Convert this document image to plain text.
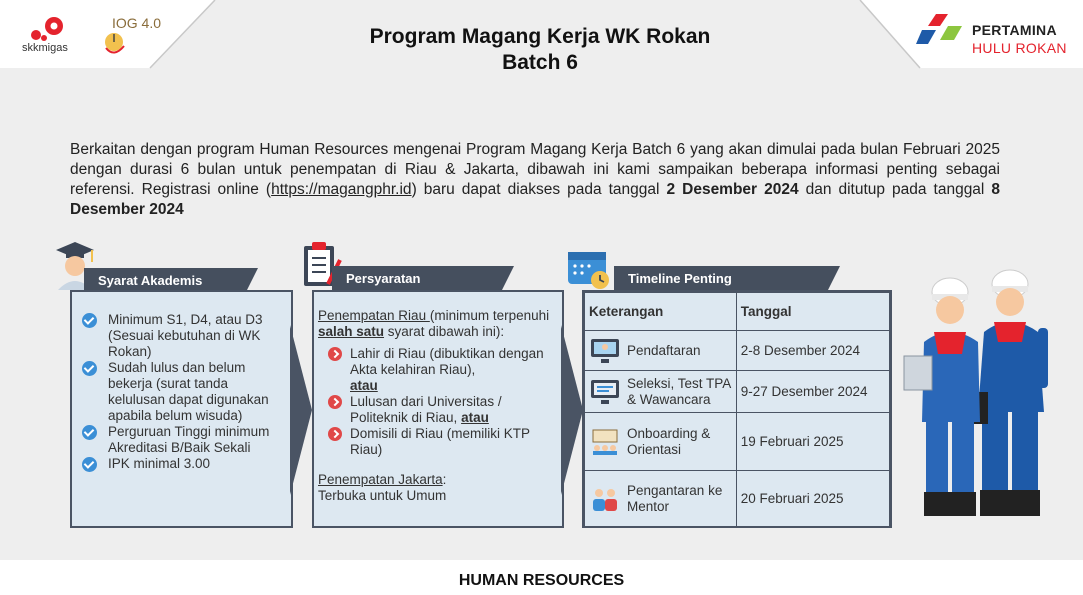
skkmigas
IOG 4.0	PERTAMINA
HULU ROKAN
Program Magang Kerja WK Rokan
Batch 6
Berkaitan dengan program Human Resources mengenai Program Magang Kerja Batch 6 yang akan dimulai pada bulan Februari 2025 dengan durasi 6 bulan untuk penempatan di Riau & Jakarta, dibawah ini kami sampaikan beberapa informasi penting sebagai referensi. Registrasi online (https://magangphr.id) baru dapat diakses pada tanggal 2 Desember 2024 dan ditutup pada tanggal 8 Desember 2024
Syarat Akademis
Minimum S1, D4, atau D3 (Sesuai kebutuhan di WK Rokan)
Sudah lulus dan belum bekerja (surat tanda kelulusan dapat digunakan apabila belum wisuda)
Perguruan Tinggi minimum Akreditasi B/Baik Sekali
IPK minimal 3.00
Persyaratan
Penempatan Riau (minimum terpenuhi salah satu syarat dibawah ini):
Lahir di Riau (dibuktikan dengan Akta kelahiran Riau),
atau
Lulusan dari Universitas / Politeknik di Riau, atau
Domisili di Riau (memiliki KTP Riau)
Penempatan Jakarta:
Terbuka untuk Umum
Timeline Penting
Keterangan	Tanggal

Pendaftaran	2-8 Desember 2024

Seleksi, Test TPA & Wawancara	9-27 Desember 2024

Onboarding & Orientasi	19 Februari 2025

Pengantaran ke Mentor	20 Februari 2025
HUMAN RESOURCES
